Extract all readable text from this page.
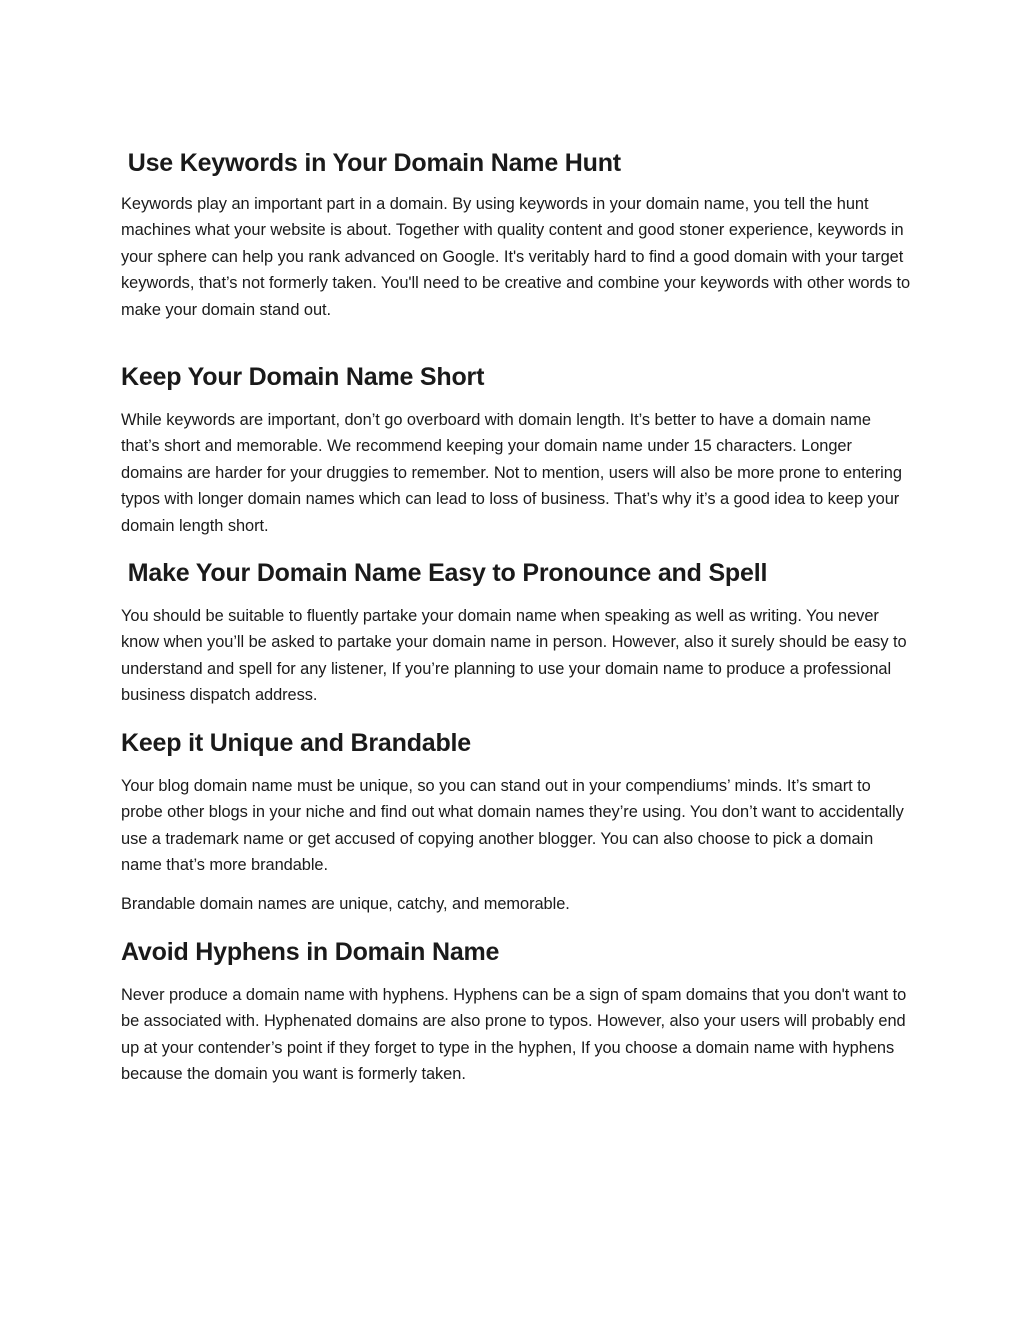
Use Keywords in Your Domain Name Hunt

Keywords play an important part in a domain. By using keywords in your domain name, you tell the hunt machines what your website is about. Together with quality content and good stoner experience, keywords in your sphere can help you rank advanced on Google. It's veritably hard to find a good domain with your target keywords, that’s not formerly taken. You'll need to be creative and combine your keywords with other words to make your domain stand out.

Keep Your Domain Name Short

While keywords are important, don’t go overboard with domain length. It’s better to have a domain name that’s short and memorable. We recommend keeping your domain name under 15 characters. Longer domains are harder for your druggies to remember. Not to mention, users will also be more prone to entering typos with longer domain names which can lead to loss of business. That’s why it’s a good idea to keep your domain length short.

Make Your Domain Name Easy to Pronounce and Spell

You should be suitable to fluently partake your domain name when speaking as well as writing. You never know when you’ll be asked to partake your domain name in person. However, also it surely should be easy to understand and spell for any listener, If you’re planning to use your domain name to produce a professional business dispatch address.

Keep it Unique and Brandable

Your blog domain name must be unique, so you can stand out in your compendiums’ minds. It’s smart to probe other blogs in your niche and find out what domain names they’re using. You don’t want to accidentally use a trademark name or get accused of copying another blogger. You can also choose to pick a domain name that’s more brandable.

Brandable domain names are unique, catchy, and memorable.

Avoid Hyphens in Domain Name

Never produce a domain name with hyphens. Hyphens can be a sign of spam domains that you don't want to be associated with. Hyphenated domains are also prone to typos. However, also your users will probably end up at your contender’s point if they forget to type in the hyphen, If you choose a domain name with hyphens because the domain you want is formerly taken.
